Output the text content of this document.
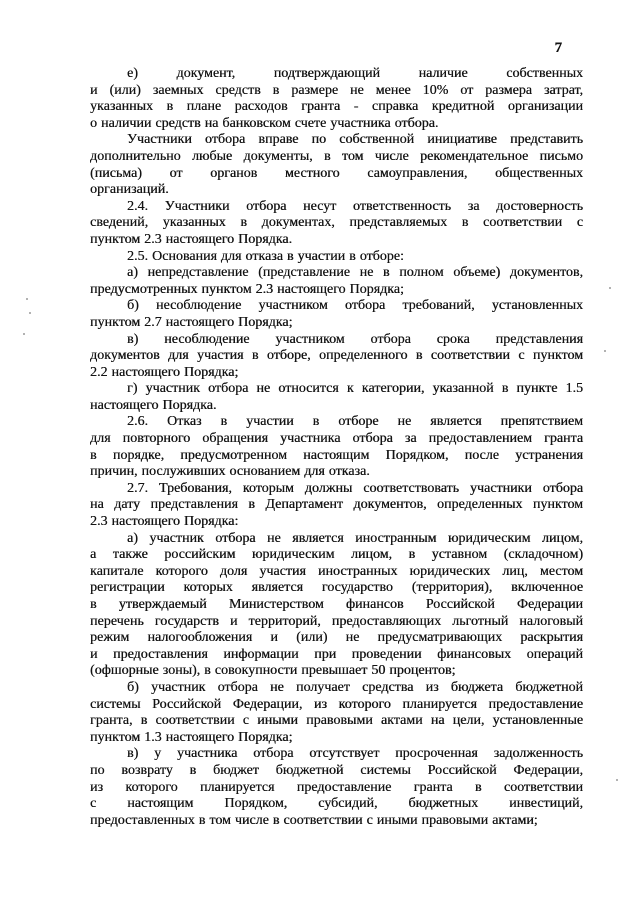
7
е) документ, подтверждающий наличие собственных
и (или) заемных средств в размере не менее 10% от размера затрат,
указанных в плане расходов гранта - справка кредитной организации
о наличии средств на банковском счете участника отбора.
Участники отбора вправе по собственной инициативе представить
дополнительно любые документы, в том числе рекомендательное письмо
(письма) от органов местного самоуправления, общественных
организаций.
2.4. Участники отбора несут ответственность за достоверность
сведений, указанных в документах, представляемых в соответствии с
пунктом 2.3 настоящего Порядка.
2.5. Основания для отказа в участии в отборе:
а) непредставление (представление не в полном объеме) документов,
предусмотренных пунктом 2.3 настоящего Порядка;
б) несоблюдение участником отбора требований, установленных
пунктом 2.7 настоящего Порядка;
в) несоблюдение участником отбора срока представления
документов для участия в отборе, определенного в соответствии с пунктом
2.2 настоящего Порядка;
г) участник отбора не относится к категории, указанной в пункте 1.5
настоящего Порядка.
2.6. Отказ в участии в отборе не является препятствием
для повторного обращения участника отбора за предоставлением гранта
в порядке, предусмотренном настоящим Порядком, после устранения
причин, послуживших основанием для отказа.
2.7. Требования, которым должны соответствовать участники отбора
на дату представления в Департамент документов, определенных пунктом
2.3 настоящего Порядка:
а) участник отбора не является иностранным юридическим лицом,
а также российским юридическим лицом, в уставном (складочном)
капитале которого доля участия иностранных юридических лиц, местом
регистрации которых является государство (территория), включенное
в утверждаемый Министерством финансов Российской Федерации
перечень государств и территорий, предоставляющих льготный налоговый
режим налогообложения и (или) не предусматривающих раскрытия
и предоставления информации при проведении финансовых операций
(офшорные зоны), в совокупности превышает 50 процентов;
б) участник отбора не получает средства из бюджета бюджетной
системы Российской Федерации, из которого планируется предоставление
гранта, в соответствии с иными правовыми актами на цели, установленные
пунктом 1.3 настоящего Порядка;
в) у участника отбора отсутствует просроченная задолженность
по возврату в бюджет бюджетной системы Российской Федерации,
из которого планируется предоставление гранта в соответствии
с настоящим Порядком, субсидий, бюджетных инвестиций,
предоставленных в том числе в соответствии с иными правовыми актами;
